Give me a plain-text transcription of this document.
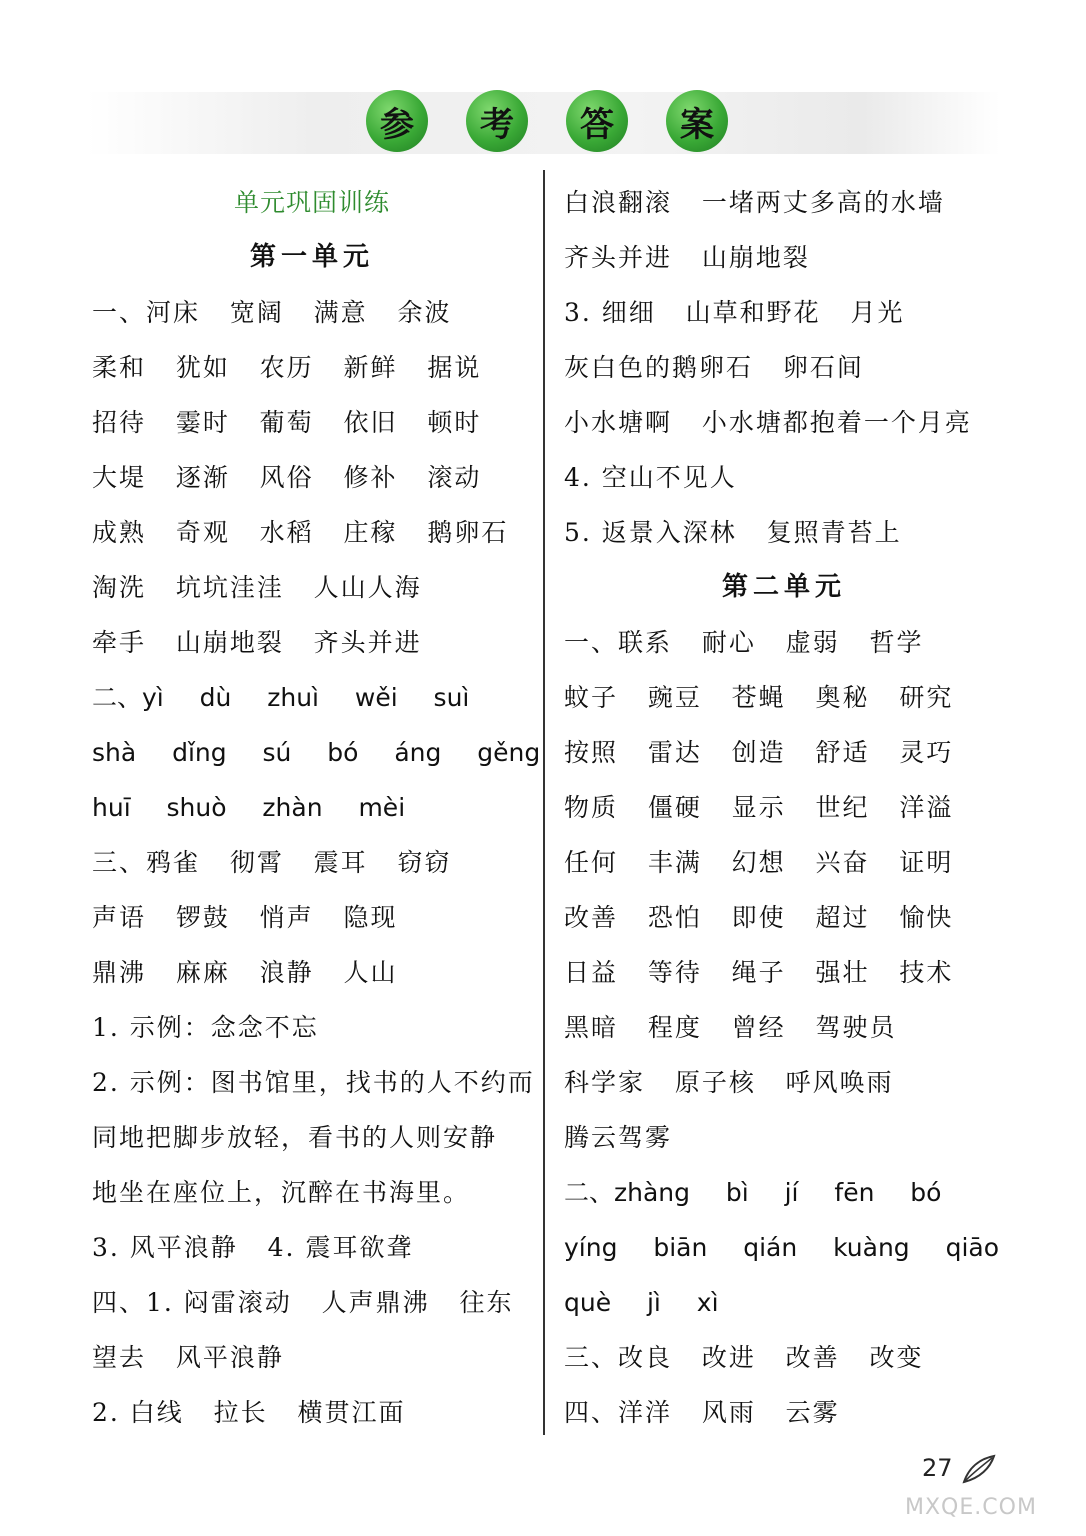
参	考	答	案
单元巩固训练
第一单元
一、河床   宽阔   满意   余波
柔和   犹如   农历   新鲜   据说
招待   霎时   葡萄   依旧   顿时
大堤   逐渐   风俗   修补   滚动
成熟   奇观   水稻   庄稼   鹅卵石
淘洗   坑坑洼洼   人山人海
牵手   山崩地裂   齐头并进
二、yì  dù  zhuì  wěi  suì
shà  dǐng  sú  bó  áng  gěng
huī  shuò  zhàn  mèi
三、鸦雀   彻霄   震耳   窃窃
声语   锣鼓   悄声   隐现
鼎沸   麻麻   浪静   人山
1. 示例：念念不忘
2. 示例：图书馆里，找书的人不约而
同地把脚步放轻，看书的人则安静
地坐在座位上，沉醉在书海里。
3. 风平浪静   4. 震耳欲聋
四、1. 闷雷滚动   人声鼎沸   往东
望去   风平浪静
2. 白线   拉长   横贯江面
白浪翻滚   一堵两丈多高的水墙
齐头并进   山崩地裂
3. 细细   山草和野花   月光
灰白色的鹅卵石   卵石间
小水塘啊   小水塘都抱着一个月亮
4. 空山不见人
5. 返景入深林   复照青苔上
第二单元
一、联系   耐心   虚弱   哲学
蚊子   豌豆   苍蝇   奥秘   研究
按照   雷达   创造   舒适   灵巧
物质   僵硬   显示   世纪   洋溢
任何   丰满   幻想   兴奋   证明
改善   恐怕   即使   超过   愉快
日益   等待   绳子   强壮   技术
黑暗   程度   曾经   驾驶员
科学家   原子核   呼风唤雨
腾云驾雾
二、zhàng  bì  jí  fēn  bó
yíng  biān  qián  kuàng  qiāo
què  jì  xì
三、改良   改进   改善   改变
四、洋洋   风雨   云雾
27
MXQE.COM
